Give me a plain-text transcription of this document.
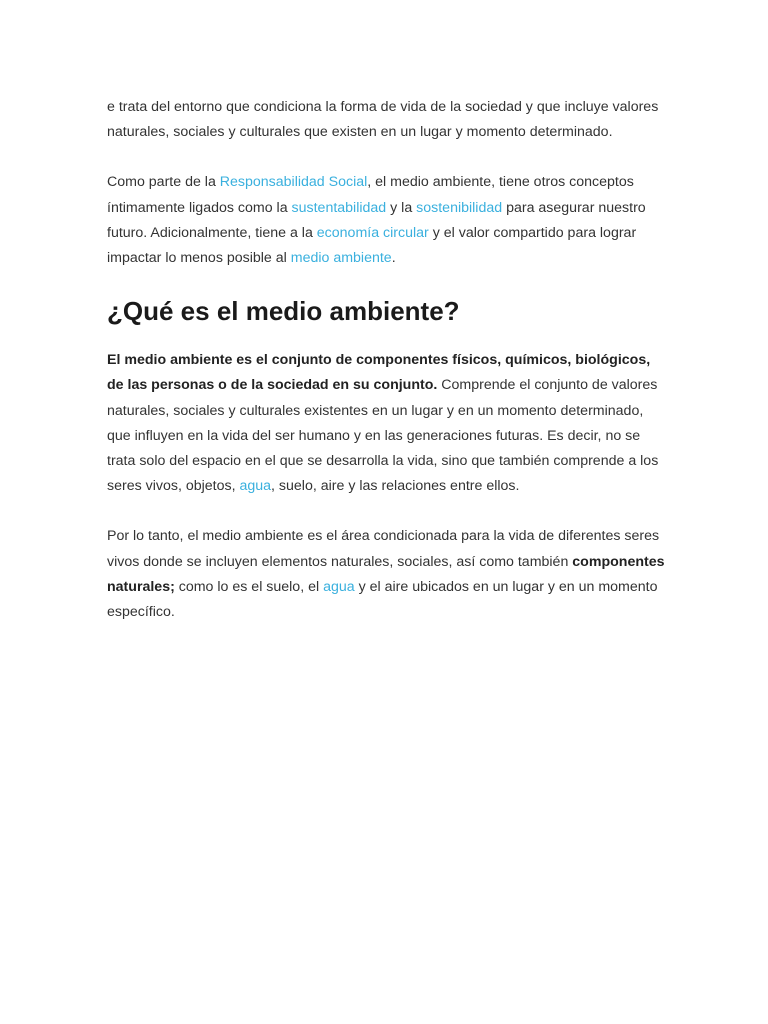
e trata del entorno que condiciona la forma de vida de la sociedad y que incluye valores naturales, sociales y culturales que existen en un lugar y momento determinado.

Como parte de la Responsabilidad Social, el medio ambiente, tiene otros conceptos íntimamente ligados como la sustentabilidad y la sostenibilidad para asegurar nuestro futuro. Adicionalmente, tiene a la economía circular y el valor compartido para lograr impactar lo menos posible al medio ambiente.

¿Qué es el medio ambiente?

El medio ambiente es el conjunto de componentes físicos, químicos, biológicos, de las personas o de la sociedad en su conjunto. Comprende el conjunto de valores naturales, sociales y culturales existentes en un lugar y en un momento determinado, que influyen en la vida del ser humano y en las generaciones futuras. Es decir, no se trata solo del espacio en el que se desarrolla la vida, sino que también comprende a los seres vivos, objetos, agua, suelo, aire y las relaciones entre ellos.

Por lo tanto, el medio ambiente es el área condicionada para la vida de diferentes seres vivos donde se incluyen elementos naturales, sociales, así como también componentes naturales; como lo es el suelo, el agua y el aire ubicados en un lugar y en un momento específico.
